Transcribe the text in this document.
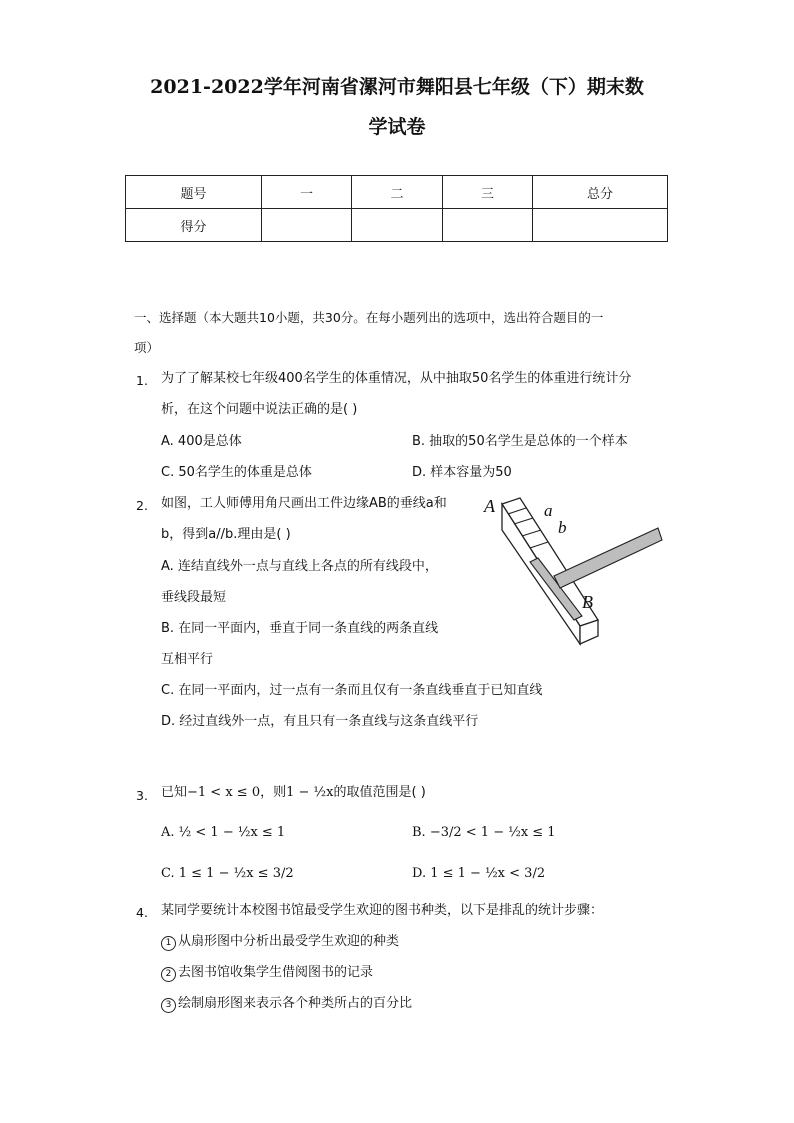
2021-2022学年河南省漯河市舞阳县七年级（下）期末数
学试卷
题号	一	二	三	总分
得分				
一、选择题（本大题共10小题，共30分。在每小题列出的选项中，选出符合题目的一
项）
1. 为了了解某校七年级400名学生的体重情况，从中抽取50名学生的体重进行统计分
析，在这个问题中说法正确的是( )
A. 400是总体	B. 抽取的50名学生是总体的一个样本
C. 50名学生的体重是总体	D. 样本容量为50
2. 如图，工人师傅用角尺画出工件边缘AB的垂线a和
b，得到a//b.理由是( )
A. 连结直线外一点与直线上各点的所有线段中，
垂线段最短
B. 在同一平面内，垂直于同一条直线的两条直线
互相平行
C. 在同一平面内，过一点有一条而且仅有一条直线垂直于已知直线
D. 经过直线外一点，有且只有一条直线与这条直线平行
A	a
b
B
3. 已知−1 < x ≤ 0，则1 − ½x的取值范围是( )
A. ½ < 1 − ½x ≤ 1	B. −3/2 < 1 − ½x ≤ 1
C. 1 ≤ 1 − ½x ≤ 3/2	D. 1 ≤ 1 − ½x < 3/2
4. 某同学要统计本校图书馆最受学生欢迎的图书种类，以下是排乱的统计步骤：
1 从扇形图中分析出最受学生欢迎的种类
2 去图书馆收集学生借阅图书的记录
3 绘制扇形图来表示各个种类所占的百分比
